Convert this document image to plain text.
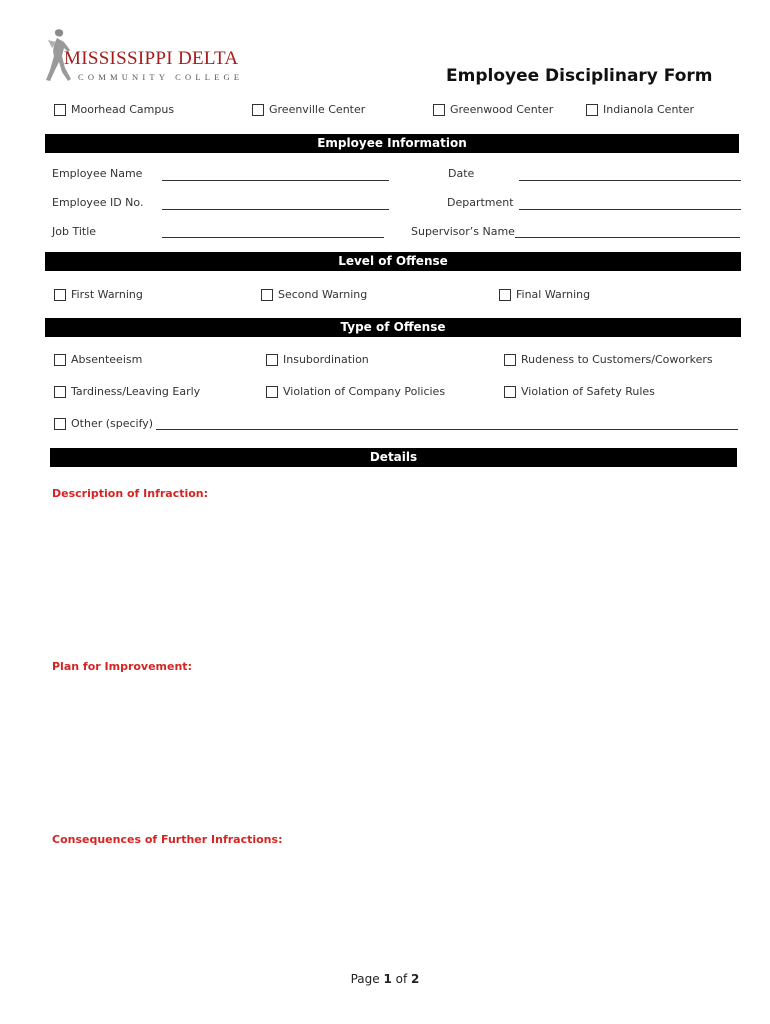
MISSISSIPPI DELTA
COMMUNITY COLLEGE	Employee Disciplinary Form
Moorhead Campus	Greenville Center	Greenwood Center	Indianola Center
Employee Information
Employee Name	Date
Employee ID No.	Department
Job Title	Supervisor’s Name
Level of Offense
First Warning	Second Warning	Final Warning
Type of Offense
Absenteeism	Insubordination	Rudeness to Customers/Coworkers
Tardiness/Leaving Early	Violation of Company Policies	Violation of Safety Rules
Other (specify)
Details
Description of Infraction:
Plan for Improvement:
Consequences of Further Infractions:
Page 1 of 2
